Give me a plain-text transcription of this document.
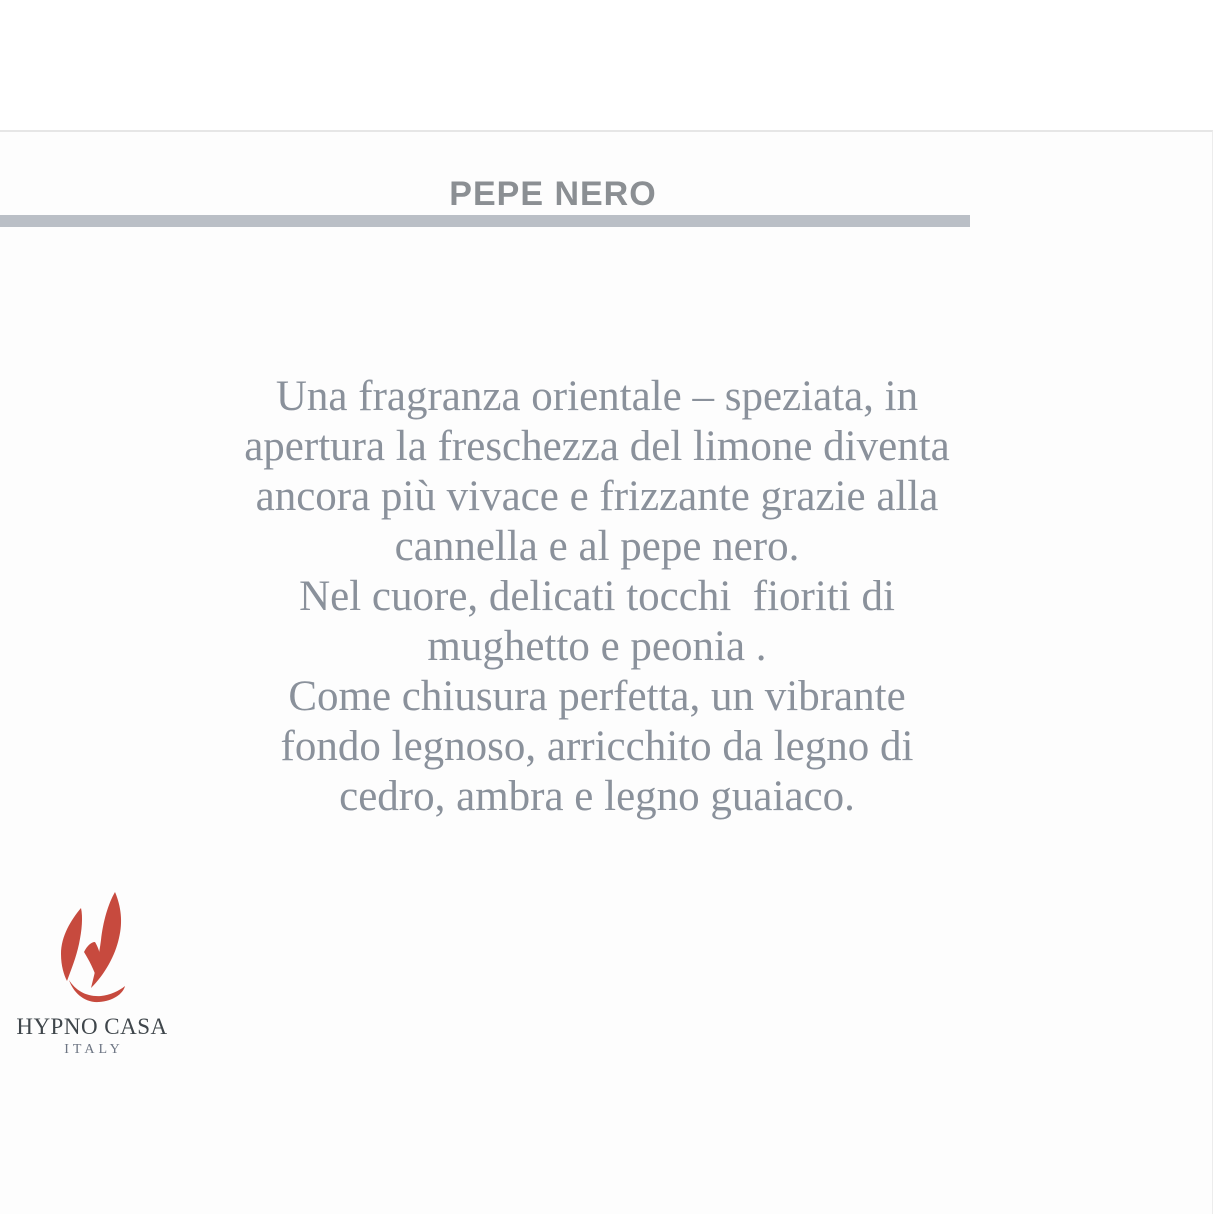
PEPE NERO
Una fragranza orientale – speziata, in
apertura la freschezza del limone diventa
ancora più vivace e frizzante grazie alla
cannella e al pepe nero.
Nel cuore, delicati tocchi  fioriti di
mughetto e peonia .
Come chiusura perfetta, un vibrante
fondo legnoso, arricchito da legno di
cedro, ambra e legno guaiaco.
HYPNO CASA
ITALY
